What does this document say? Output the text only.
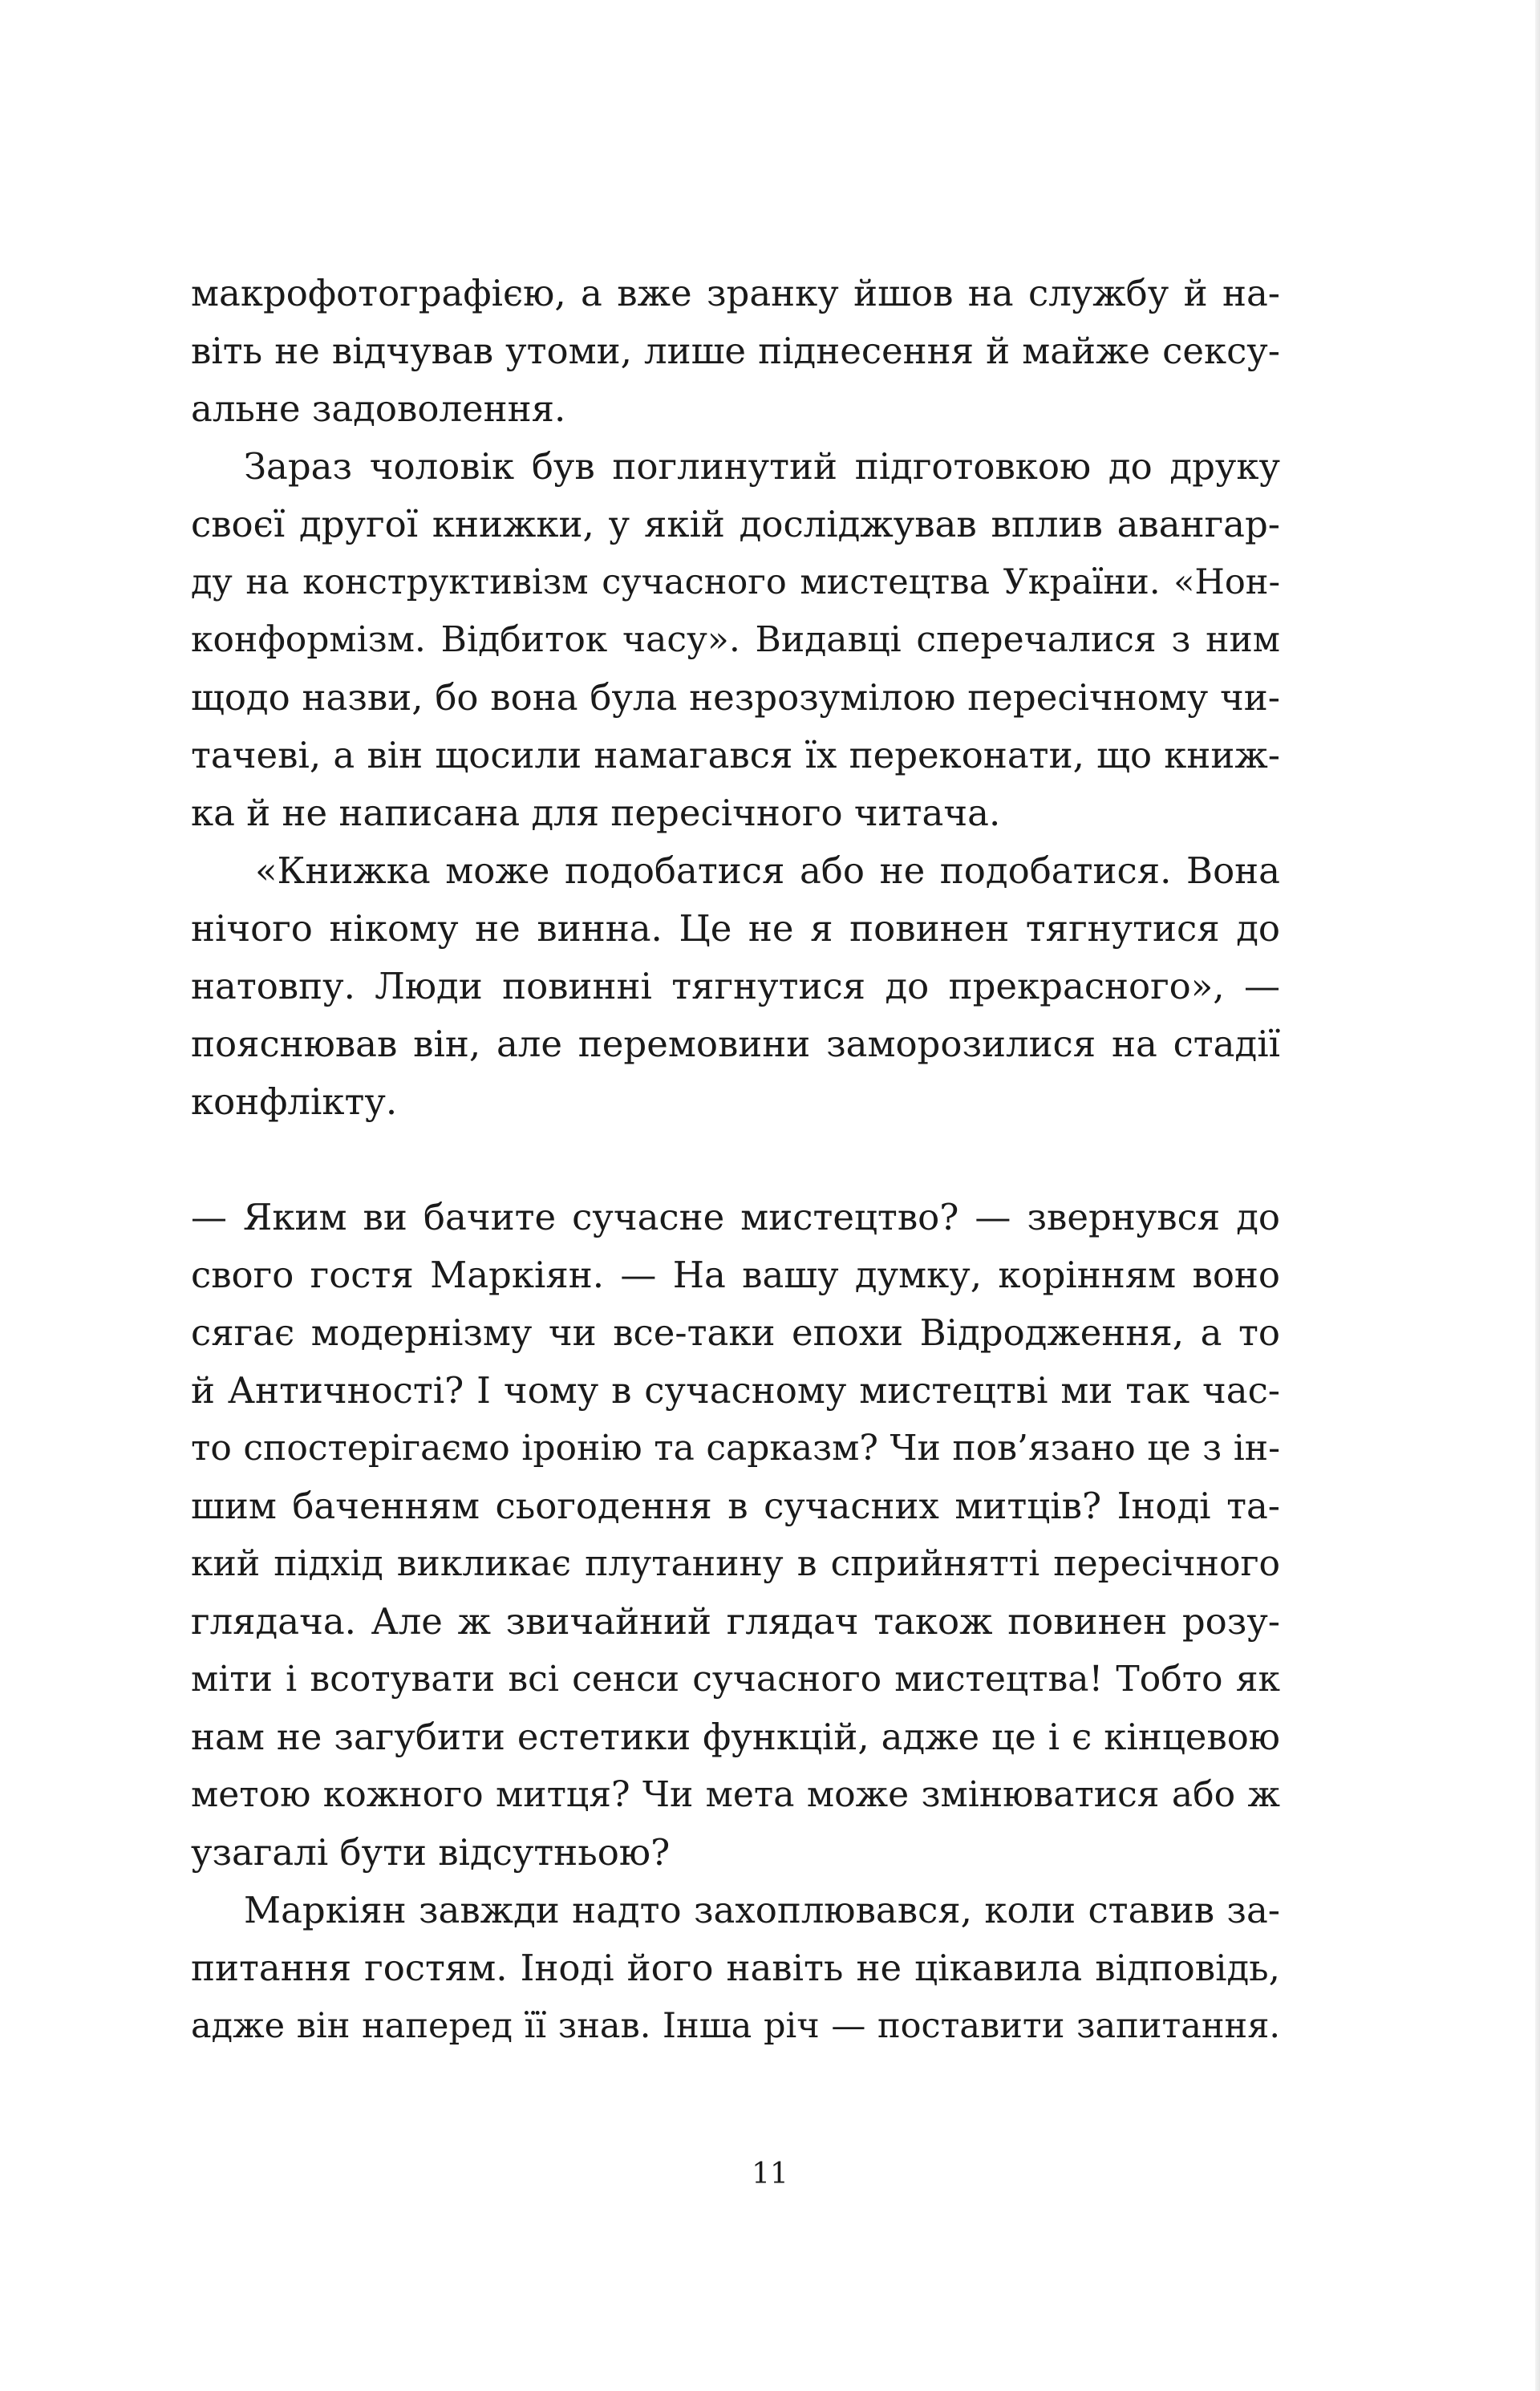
макрофотографією, а вже зранку йшов на службу й на-
віть не відчував утоми, лише піднесення й майже сексу-
альне задоволення.

Зараз чоловік був поглинутий підготовкою до друку
своєї другої книжки, у якій досліджував вплив авангар-
ду на конструктивізм сучасного мистецтва України. «Нон-
конформізм. Відбиток часу». Видавці сперечалися з ним
щодо назви, бо вона була незрозумілою пересічному чи-
тачеві, а він щосили намагався їх переконати, що книж-
ка й не написана для пересічного читача.

«Книжка може подобатися або не подобатися. Вона
нічого нікому не винна. Це не я повинен тягнутися до
натовпу. Люди повинні тягнутися до прекрасного», —
пояснював він, але перемовини заморозилися на стадії
конфлікту.

— Яким ви бачите сучасне мистецтво? — звернувся до
свого гостя Маркіян. — На вашу думку, корінням воно
сягає модернізму чи все-таки епохи Відродження, а то
й Античності? І чому в сучасному мистецтві ми так час-
то спостерігаємо іронію та сарказм? Чи пов’язано це з ін-
шим баченням сьогодення в сучасних митців? Іноді та-
кий підхід викликає плутанину в сприйнятті пересічного
глядача. Але ж звичайний глядач також повинен розу-
міти і всотувати всі сенси сучасного мистецтва! Тобто як
нам не загубити естетики функцій, адже це і є кінцевою
метою кожного митця? Чи мета може змінюватися або ж
узагалі бути відсутньою?

Маркіян завжди надто захоплювався, коли ставив за-
питання гостям. Іноді його навіть не цікавила відповідь,
адже він наперед її знав. Інша річ — поставити запитання.

11
